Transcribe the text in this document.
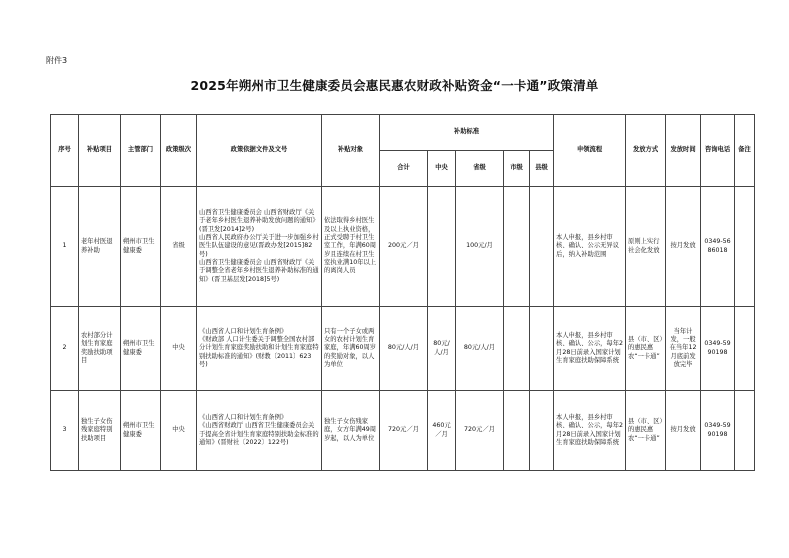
附件3
2025年朔州市卫生健康委员会惠民惠农财政补贴资金“一卡通”政策清单
序号	补贴项目	主管部门	政策级次	政策依据文件及文号	补贴对象	补助标准					申领流程	发放方式	发放时间	咨询电话	备注
						合计	中央	省级	市级	县级					
1	老年村医退养补助	朔州市卫生健康委	省级	山西省卫生健康委员会 山西省财政厅《关于老年乡村医生退养补助发放问题的通知》(晋卫发[2014]2号)
山西省人民政府办公厅关于进一步加强乡村医生队伍建设的意见(晋政办发[2015]82号)
山西省卫生健康委员会 山西省财政厅《关于调整全省老年乡村医生退养补助标准的通知》(晋卫基层发[2018]5号)	依法取得乡村医生及以上执业资格，正式受聘于村卫生室工作，年满60周岁且连续在村卫生室执业满10年以上的离岗人员	200元／月		100元/月			本人申报，县乡村审核、确认、公示无异议后，纳入补助范围	原则上实行社会化发放	按月发放	0349-5686018	
2	农村部分计划生育家庭奖励扶助项目	朔州市卫生健康委	中央	《山西省人口和计划生育条例》
《财政部 人口计生委关于调整全国农村部分计划生育家庭奖励扶助和计划生育家庭特别扶助标准的通知》(财教〔2011〕623号)	只有一个子女或两女的农村计划生育家庭，年满60周岁的奖励对象，以人为单位	80元/人/月	80元/人/月	80元/人/月			本人申报，县乡村审核、确认、公示，每年2月28日前录入国家计划生育家庭扶助保障系统	县（市、区）的惠民惠农“一卡通”	当年计发，一般在当年12月底前发放完毕	0349-5990198	
3	独生子女伤残家庭特别扶助项目	朔州市卫生健康委	中央	《山西省人口和计划生育条例》
《山西省财政厅 山西省卫生健康委员会关于提高全省计划生育家庭特别扶助金标准的通知》(晋财社〔2022〕122号)	独生子女伤残家庭，女方年满49周岁起，以人为单位	720元／月	460元／月	720元／月			本人申报，县乡村审核、确认、公示，每年2月28日前录入国家计划生育家庭扶助保障系统	县（市、区）的惠民惠农“一卡通”	按月发放	0349-5990198	
